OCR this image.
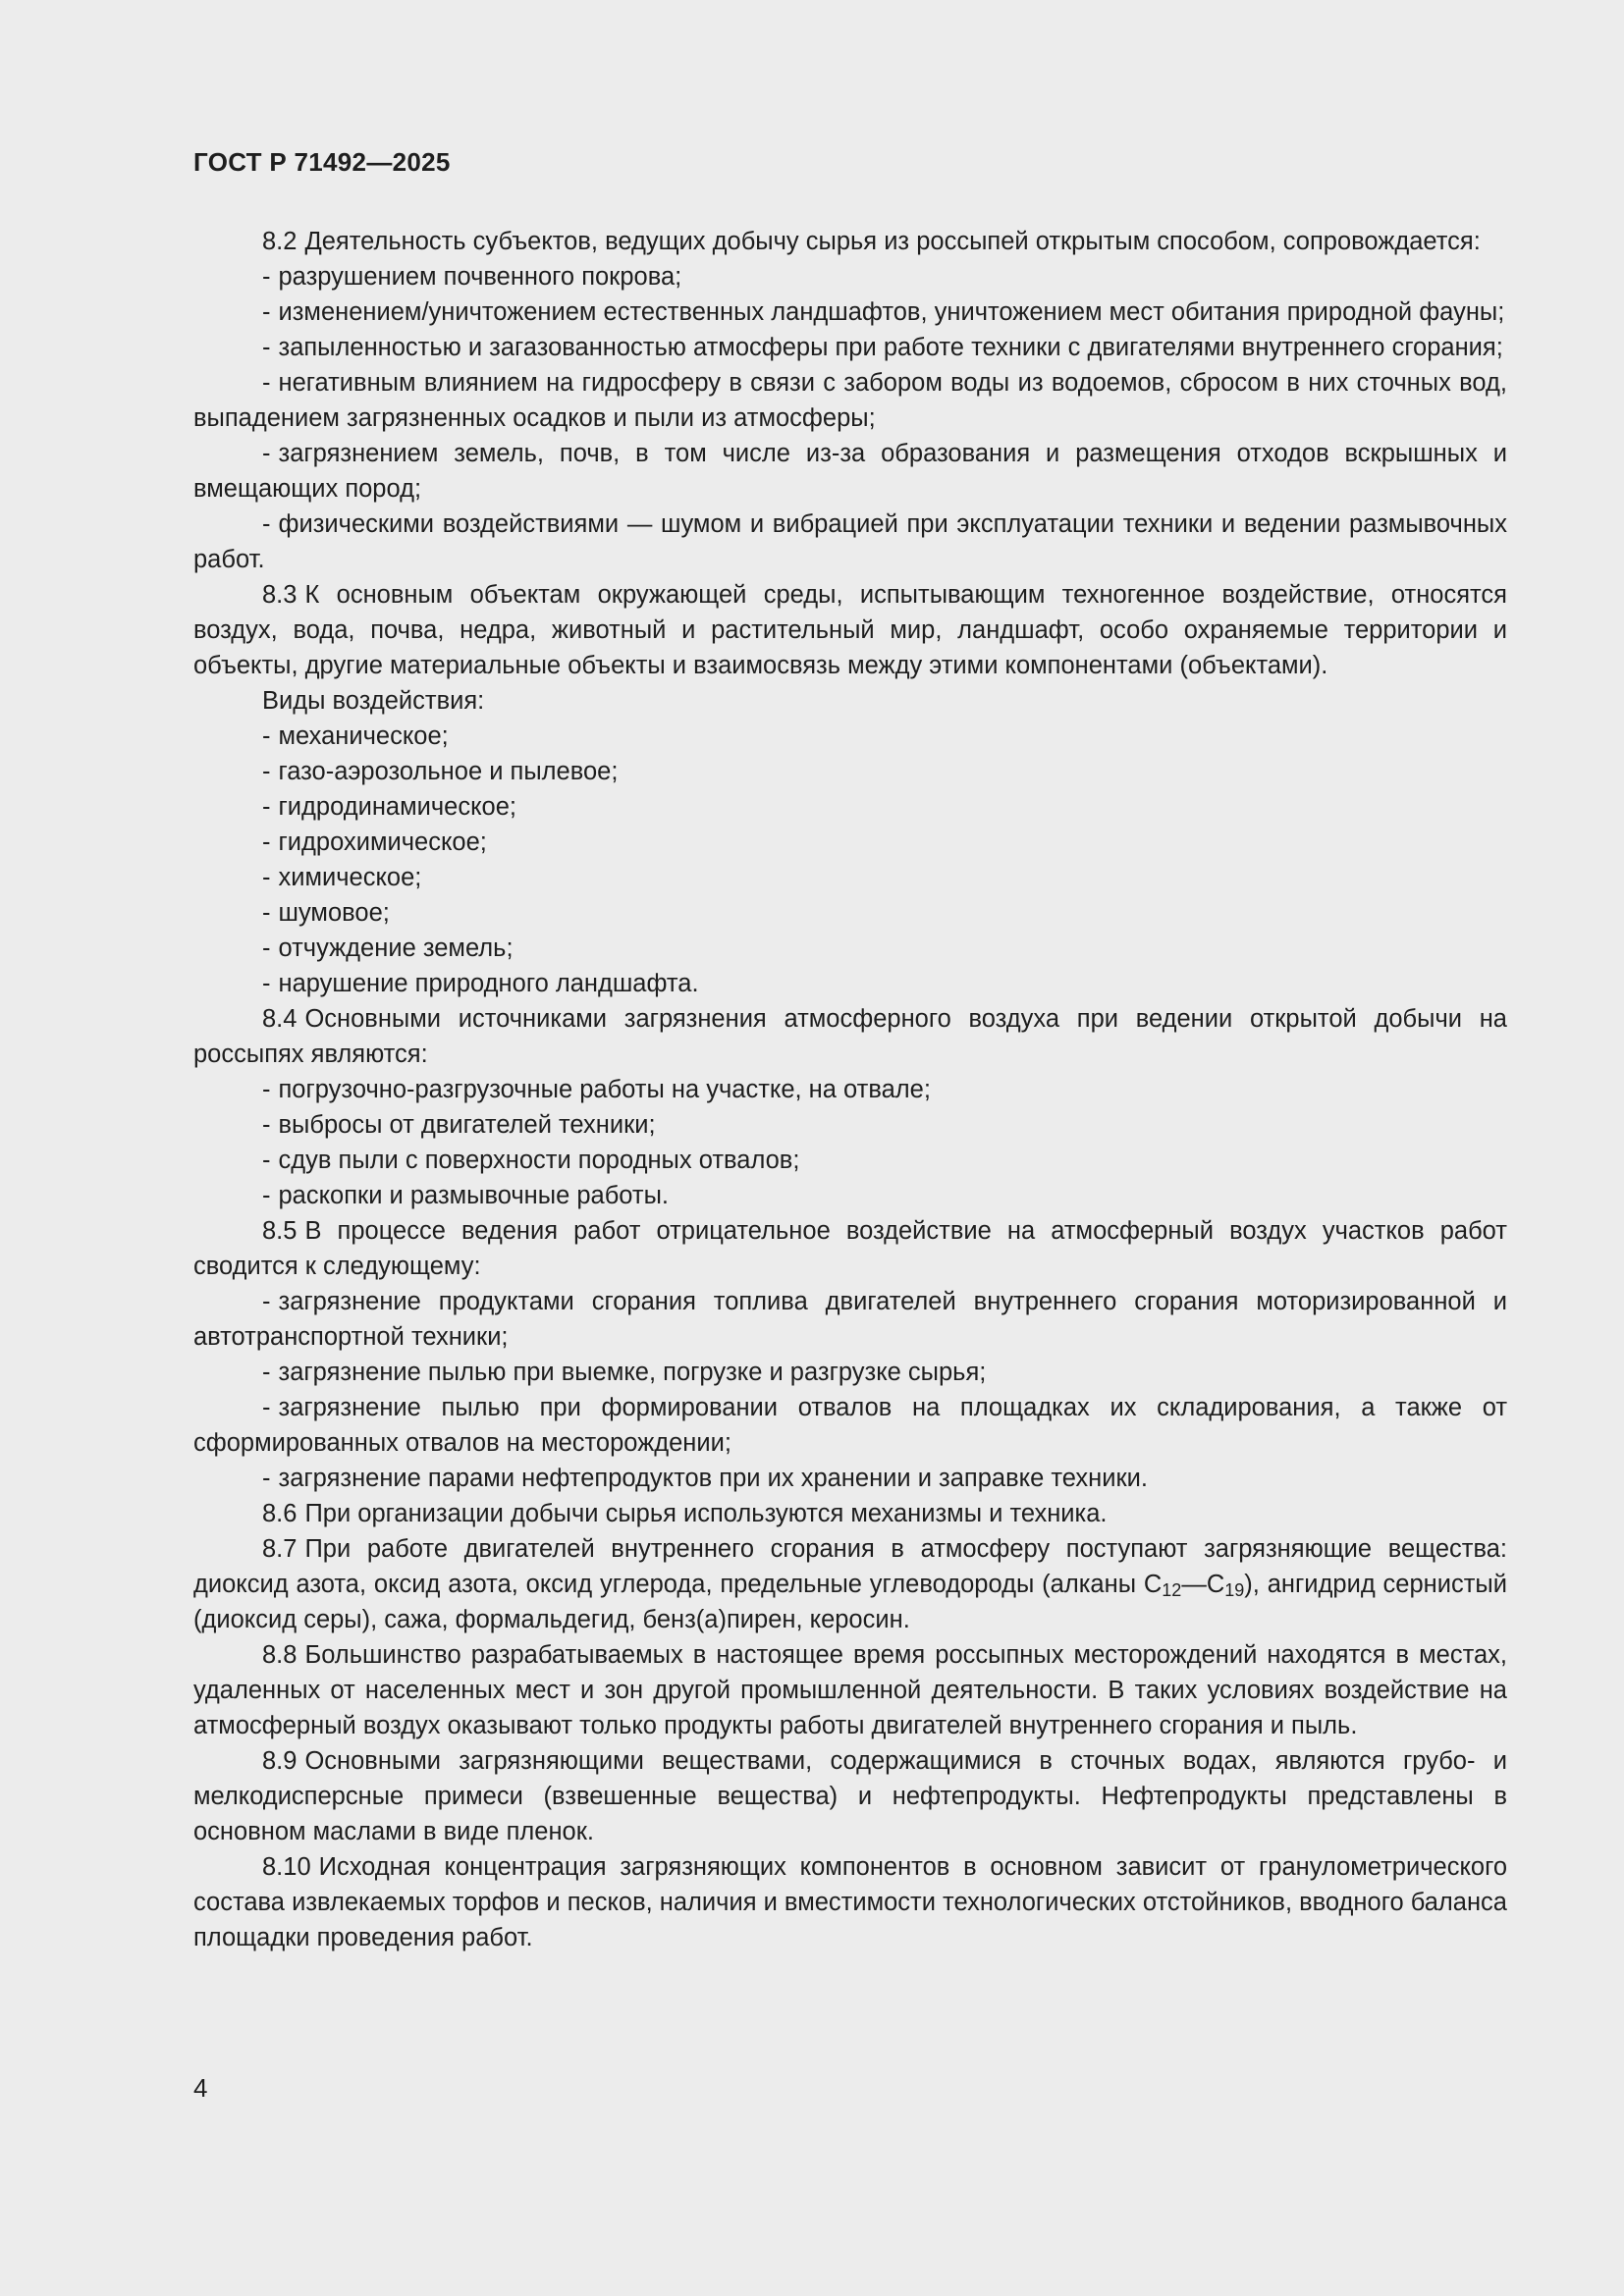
ГОСТ Р 71492—2025

8.2 Деятельность субъектов, ведущих добычу сырья из россыпей открытым способом, сопровождается:

- разрушением почвенного покрова;

- изменением/уничтожением естественных ландшафтов, уничтожением мест обитания природной фауны;

- запыленностью и загазованностью атмосферы при работе техники с двигателями внутреннего сгорания;

- негативным влиянием на гидросферу в связи с забором воды из водоемов, сбросом в них сточных вод, выпадением загрязненных осадков и пыли из атмосферы;

- загрязнением земель, почв, в том числе из-за образования и размещения отходов вскрышных и вмещающих пород;

- физическими воздействиями — шумом и вибрацией при эксплуатации техники и ведении размывочных работ.

8.3 К основным объектам окружающей среды, испытывающим техногенное воздействие, относятся воздух, вода, почва, недра, животный и растительный мир, ландшафт, особо охраняемые территории и объекты, другие материальные объекты и взаимосвязь между этими компонентами (объектами).

Виды воздействия:

- механическое;

- газо-аэрозольное и пылевое;

- гидродинамическое;

- гидрохимическое;

- химическое;

- шумовое;

- отчуждение земель;

- нарушение природного ландшафта.

8.4 Основными источниками загрязнения атмосферного воздуха при ведении открытой добычи на россыпях являются:

- погрузочно-разгрузочные работы на участке, на отвале;

- выбросы от двигателей техники;

- сдув пыли с поверхности породных отвалов;

- раскопки и размывочные работы.

8.5 В процессе ведения работ отрицательное воздействие на атмосферный воздух участков работ сводится к следующему:

- загрязнение продуктами сгорания топлива двигателей внутреннего сгорания моторизированной и автотранспортной техники;

- загрязнение пылью при выемке, погрузке и разгрузке сырья;

- загрязнение пылью при формировании отвалов на площадках их складирования, а также от сформированных отвалов на месторождении;

- загрязнение парами нефтепродуктов при их хранении и заправке техники.

8.6 При организации добычи сырья используются механизмы и техника.

8.7 При работе двигателей внутреннего сгорания в атмосферу поступают загрязняющие вещества: диоксид азота, оксид азота, оксид углерода, предельные углеводороды (алканы $C_{12}—C_{19}$), ангидрид сернистый (диоксид серы), сажа, формальдегид, бенз(а)пирен, керосин.

8.8 Большинство разрабатываемых в настоящее время россыпных месторождений находятся в местах, удаленных от населенных мест и зон другой промышленной деятельности. В таких условиях воздействие на атмосферный воздух оказывают только продукты работы двигателей внутреннего сгорания и пыль.

8.9 Основными загрязняющими веществами, содержащимися в сточных водах, являются грубо- и мелкодисперсные примеси (взвешенные вещества) и нефтепродукты. Нефтепродукты представлены в основном маслами в виде пленок.

8.10 Исходная концентрация загрязняющих компонентов в основном зависит от гранулометрического состава извлекаемых торфов и песков, наличия и вместимости технологических отстойников, вводного баланса площадки проведения работ.

4
